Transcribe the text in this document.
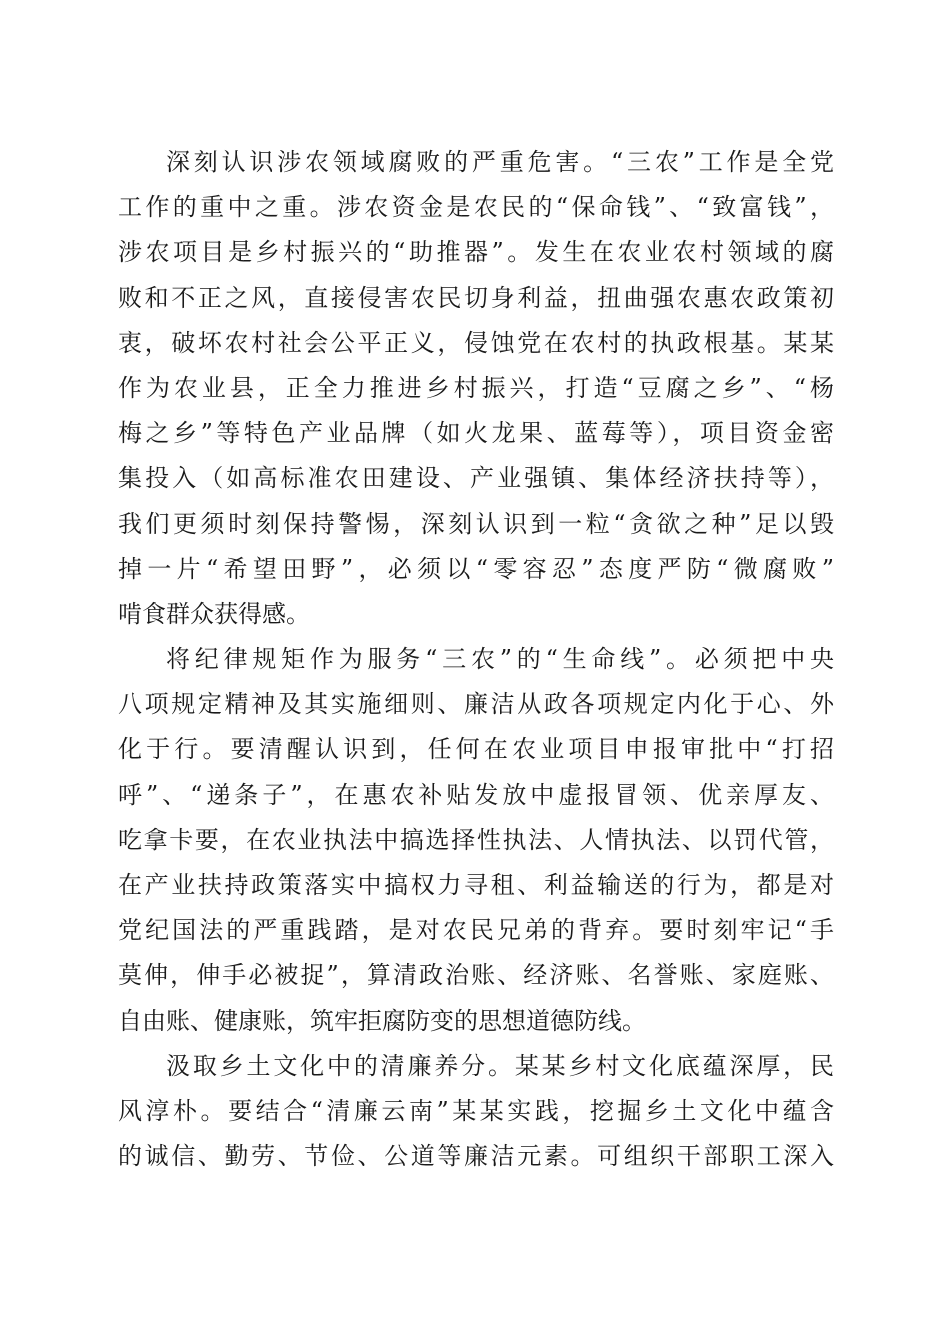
深刻认识涉农领域腐败的严重危害。“三农”工作是全党
工作的重中之重。涉农资金是农民的“保命钱”、“致富钱”，
涉农项目是乡村振兴的“助推器”。发生在农业农村领域的腐
败和不正之风，直接侵害农民切身利益，扭曲强农惠农政策初
衷，破坏农村社会公平正义，侵蚀党在农村的执政根基。某某
作为农业县，正全力推进乡村振兴，打造“豆腐之乡”、“杨
梅之乡”等特色产业品牌（如火龙果、蓝莓等），项目资金密
集投入（如高标准农田建设、产业强镇、集体经济扶持等），
我们更须时刻保持警惕，深刻认识到一粒“贪欲之种”足以毁
掉一片“希望田野”，必须以“零容忍”态度严防“微腐败”
啃食群众获得感。
将纪律规矩作为服务“三农”的“生命线”。必须把中央
八项规定精神及其实施细则、廉洁从政各项规定内化于心、外
化于行。要清醒认识到，任何在农业项目申报审批中“打招
呼”、“递条子”，在惠农补贴发放中虚报冒领、优亲厚友、
吃拿卡要，在农业执法中搞选择性执法、人情执法、以罚代管，
在产业扶持政策落实中搞权力寻租、利益输送的行为，都是对
党纪国法的严重践踏，是对农民兄弟的背弃。要时刻牢记“手
莫伸，伸手必被捉”，算清政治账、经济账、名誉账、家庭账、
自由账、健康账，筑牢拒腐防变的思想道德防线。
汲取乡土文化中的清廉养分。某某乡村文化底蕴深厚，民
风淳朴。要结合“清廉云南”某某实践，挖掘乡土文化中蕴含
的诚信、勤劳、节俭、公道等廉洁元素。可组织干部职工深入
